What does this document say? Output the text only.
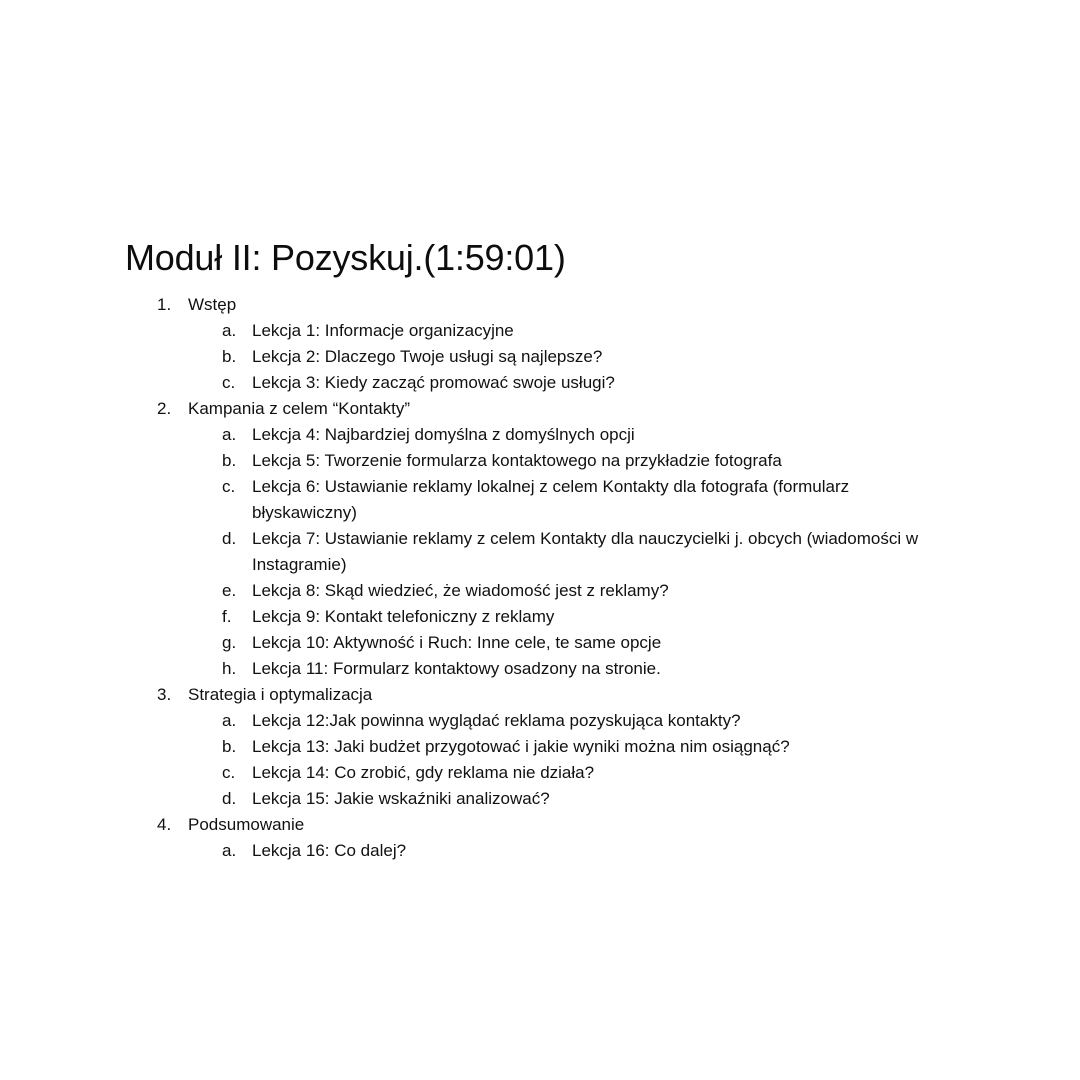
Moduł II: Pozyskuj.(1:59:01)
1. Wstęp
a. Lekcja 1: Informacje organizacyjne
b. Lekcja 2: Dlaczego Twoje usługi są najlepsze?
c. Lekcja 3: Kiedy zacząć promować swoje usługi?
2. Kampania z celem “Kontakty”
a. Lekcja 4: Najbardziej domyślna z domyślnych opcji
b. Lekcja 5: Tworzenie formularza kontaktowego na przykładzie fotografa
c. Lekcja 6: Ustawianie reklamy lokalnej z celem Kontakty dla fotografa (formularz błyskawiczny)
d. Lekcja 7: Ustawianie reklamy z celem Kontakty dla nauczycielki j. obcych (wiadomości w Instagramie)
e. Lekcja 8: Skąd wiedzieć, że wiadomość jest z reklamy?
f. Lekcja 9: Kontakt telefoniczny z reklamy
g. Lekcja 10: Aktywność i Ruch: Inne cele, te same opcje
h. Lekcja 11: Formularz kontaktowy osadzony na stronie.
3. Strategia i optymalizacja
a. Lekcja 12:Jak powinna wyglądać reklama pozyskująca kontakty?
b. Lekcja 13: Jaki budżet przygotować i jakie wyniki można nim osiągnąć?
c. Lekcja 14: Co zrobić, gdy reklama nie działa?
d. Lekcja 15: Jakie wskaźniki analizować?
4. Podsumowanie
a. Lekcja 16: Co dalej?
